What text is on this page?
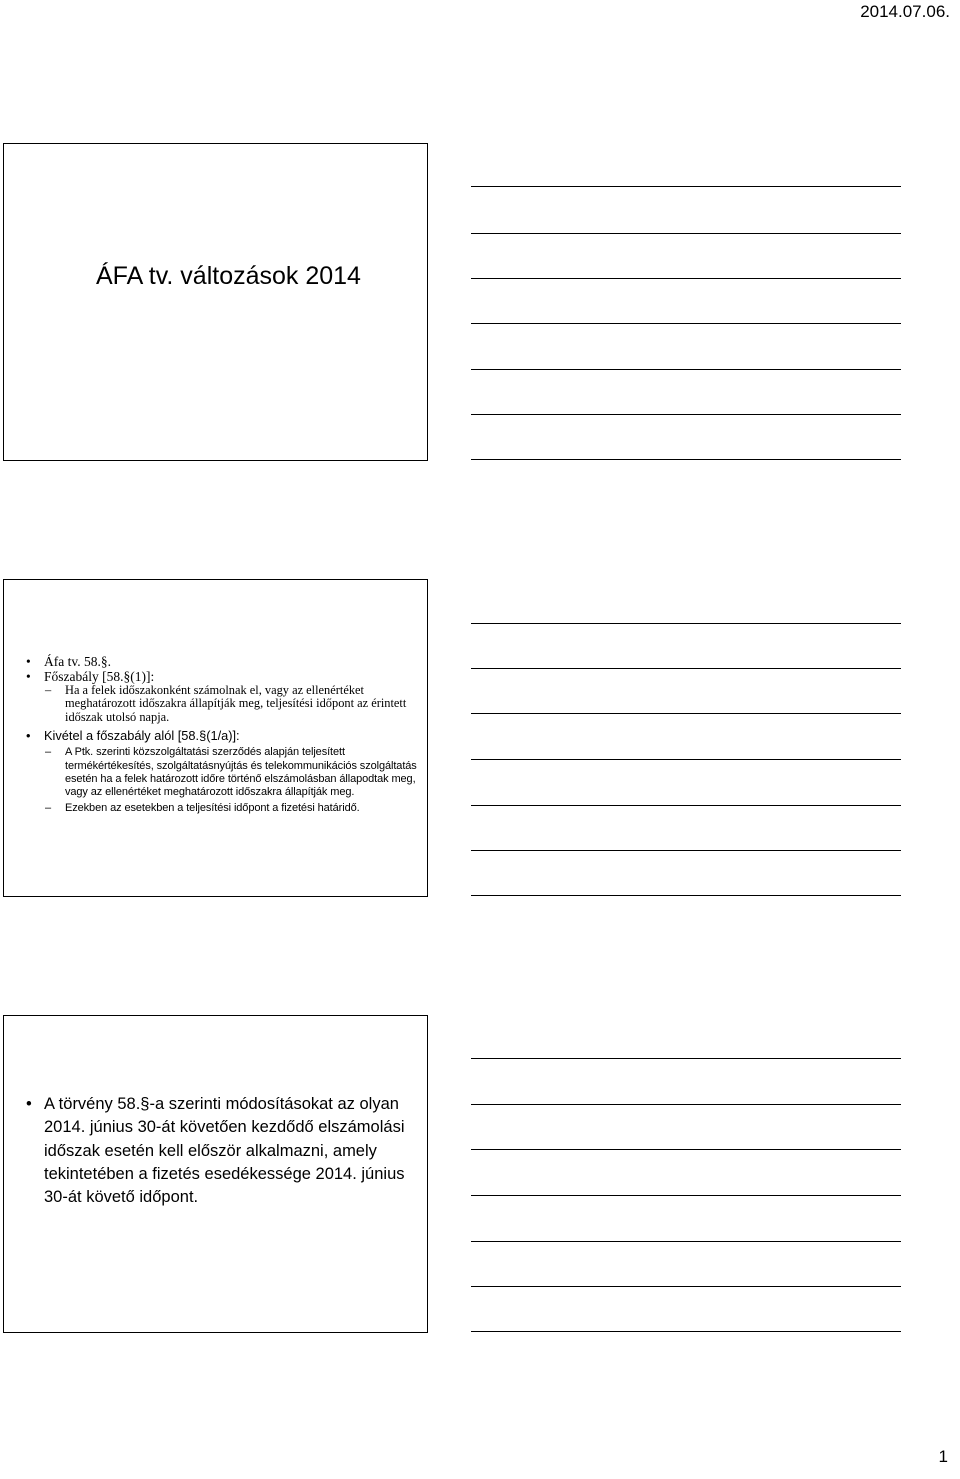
2014.07.06.
ÁFA tv. változások 2014
• Áfa tv. 58.§.
• Főszabály [58.§(1)]:
– Ha a felek időszakonként számolnak el, vagy az ellenértéket meghatározott időszakra állapítják meg, teljesítési időpont az érintett időszak utolsó napja.
• Kivétel a főszabály alól [58.§(1/a)]:
– A Ptk. szerinti közszolgáltatási szerződés alapján teljesített termékértékesítés, szolgáltatásnyújtás és telekommunikációs szolgáltatás esetén ha a felek határozott időre történő elszámolásban állapodtak meg, vagy az ellenértéket meghatározott időszakra állapítják meg.
– Ezekben az esetekben a teljesítési időpont a fizetési határidő.
• A törvény 58.§-a szerinti módosításokat az olyan 2014. június 30-át követően kezdődő elszámolási időszak esetén kell először alkalmazni, amely tekintetében a fizetés esedékessége 2014. június 30-át követő időpont.
1
